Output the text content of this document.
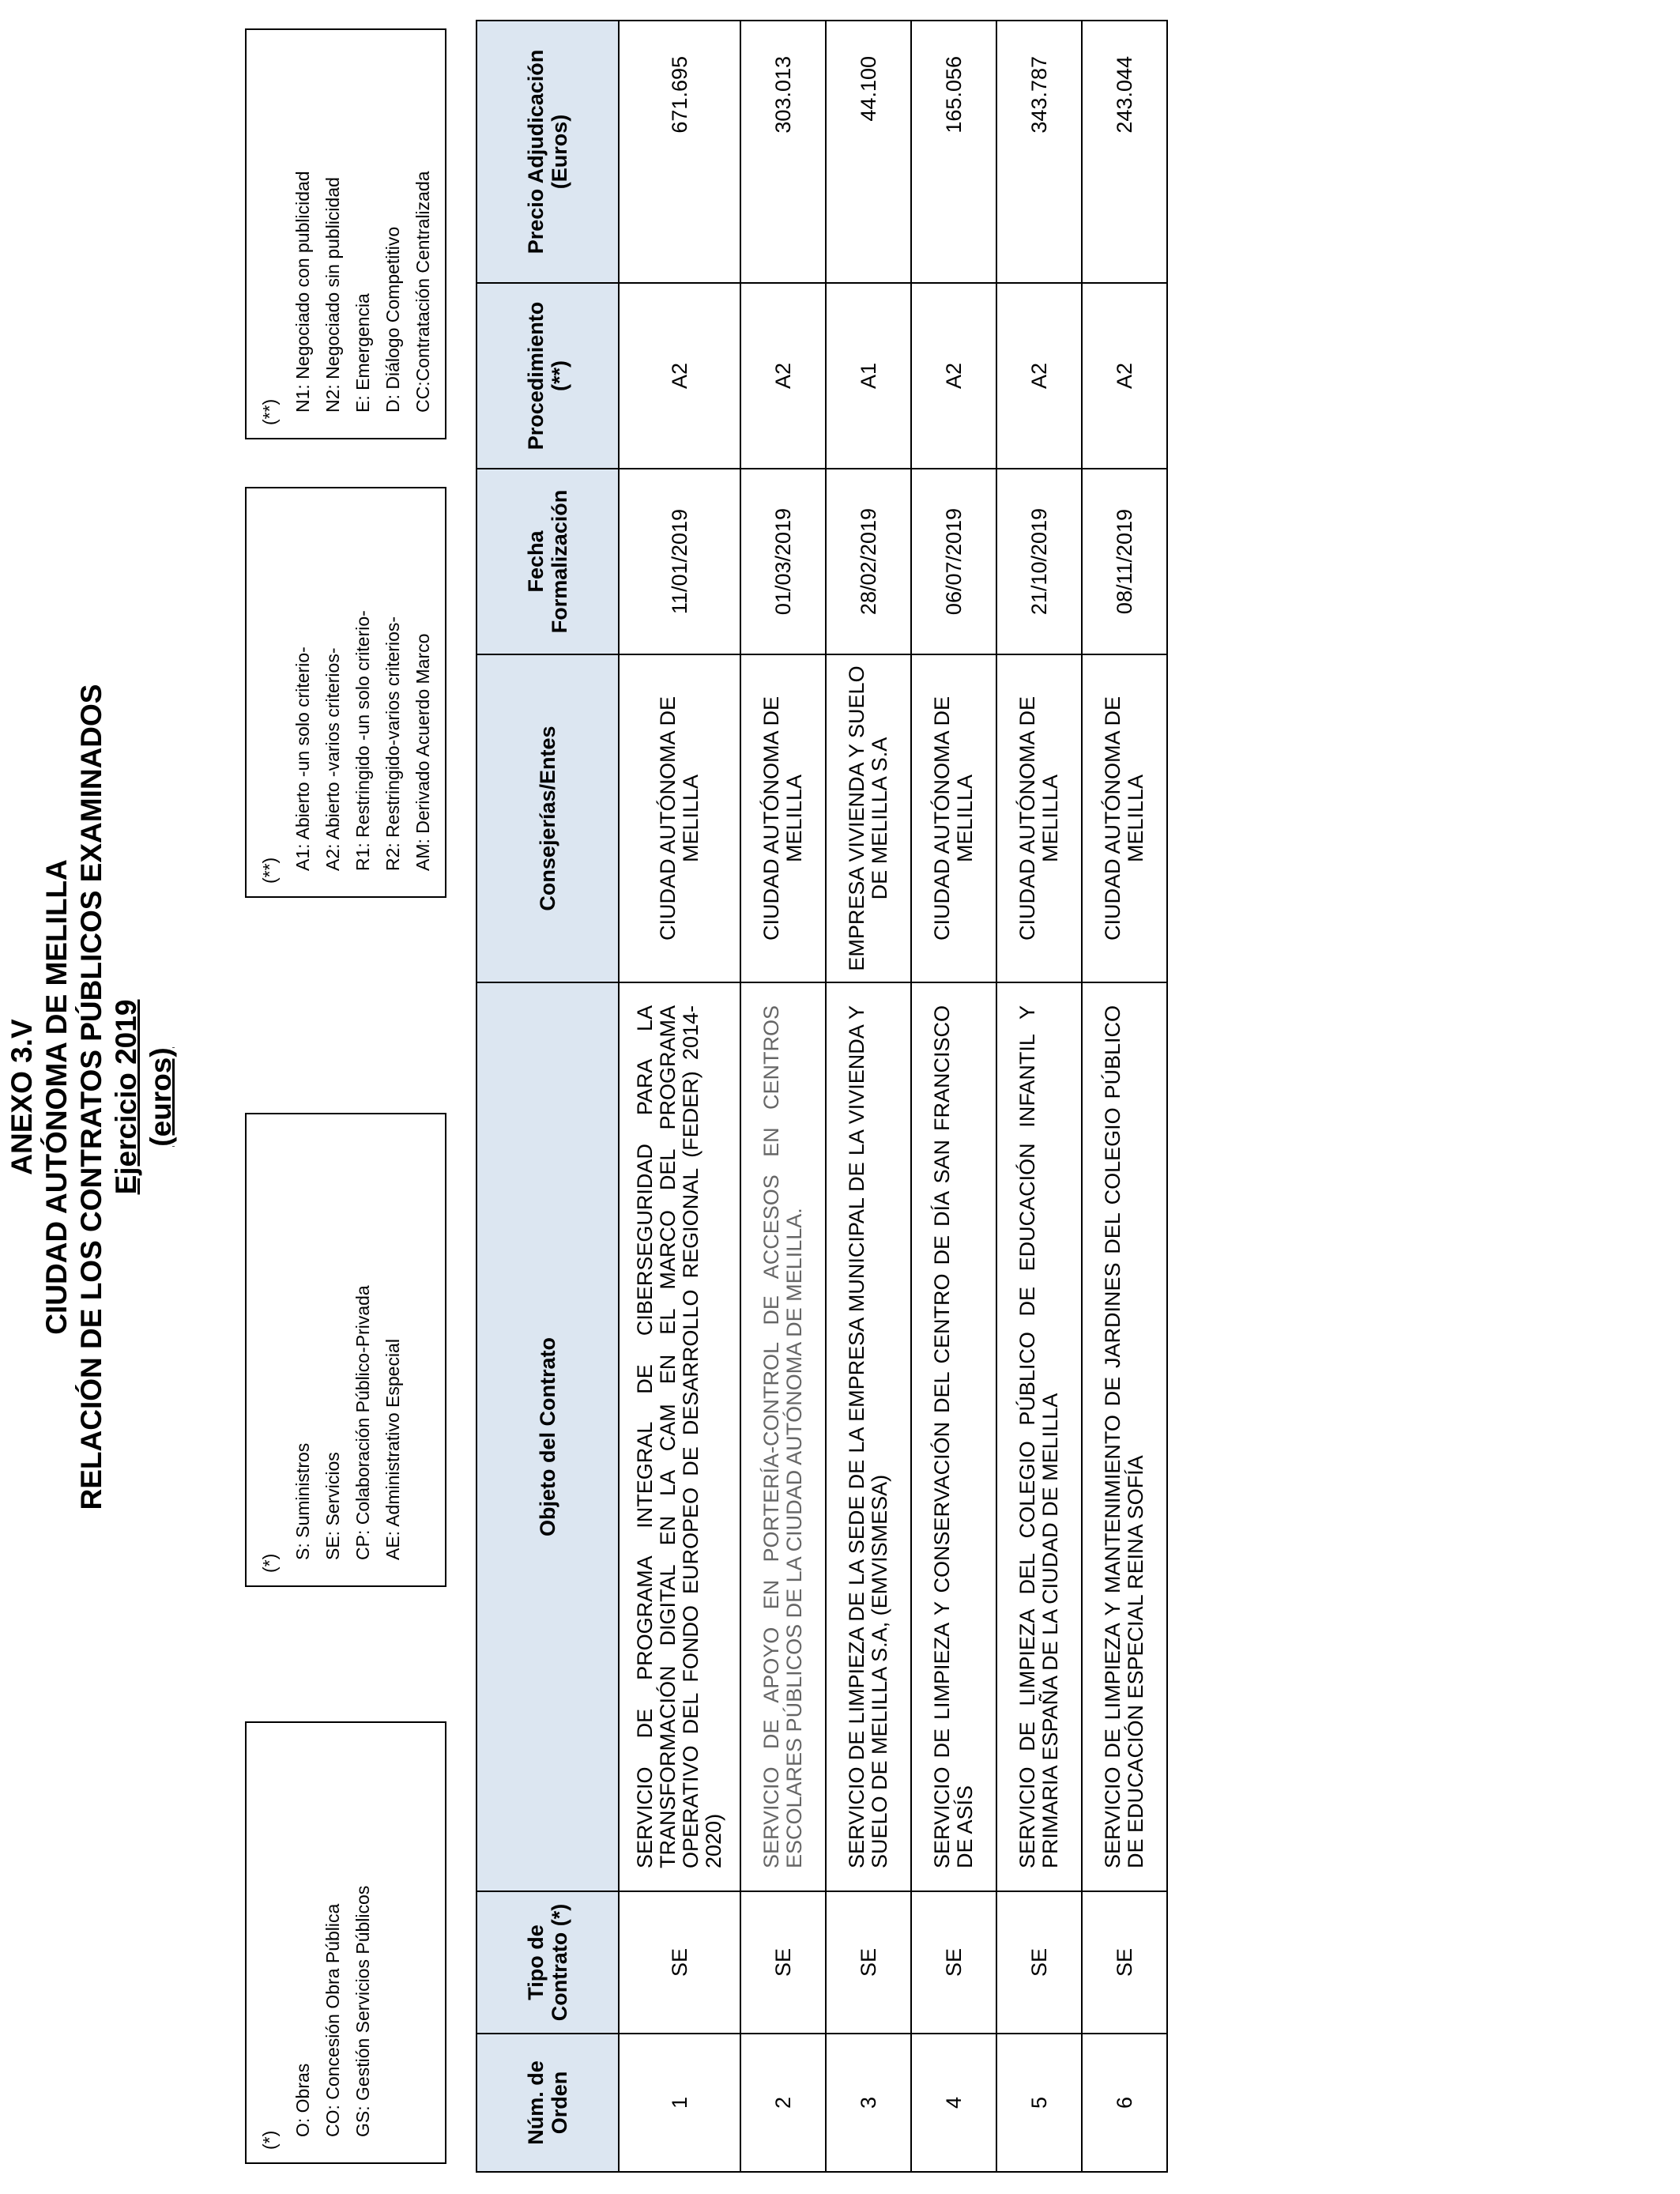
ANEXO 3.V CIUDAD AUTÓNOMA DE MELILLA RELACIÓN DE LOS CONTRATOS PÚBLICOS EXAMINADOS Ejercicio 2019 (euros)
(*)
O: Obras CO: Concesión Obra Pública GS: Gestión Servicios Públicos
(*)
S: Suministros SE: Servicios CP: Colaboración Público-Privada AE: Administrativo Especial
(**) A1: Abierto -un solo criterio- A2: Abierto -varios criterios- R1: Restringido -un solo criterio- R2: Restringido-varios criterios- AM: Derivado Acuerdo Marco
(**) N1: Negociado con publicidad N2: Negociado sin publicidad E: Emergencia D: Diálogo Competitivo CC:Contratación Centralizada
Núm. de Orden	Tipo de Contrato (*)	Objeto del Contrato	Consejerías/Entes	Fecha Formalización	Procedimiento (**)	Precio Adjudicación (Euros)
1	SE	SERVICIO DE PROGRAMA INTEGRAL DE CIBERSEGURIDAD PARA LA TRANSFORMACIÓN DIGITAL EN LA CAM EN EL MARCO DEL PROGRAMA OPERATIVO DEL FONDO EUROPEO DE DESARROLLO REGIONAL (FEDER) 2014-2020)	CIUDAD AUTÓNOMA DE MELILLA	11/01/2019	A2	671.695
2	SE	SERVICIO DE APOYO EN PORTERÍA-CONTROL DE ACCESOS EN CENTROS ESCOLARES PÚBLICOS DE LA CIUDAD AUTÓNOMA DE MELILLA.	CIUDAD AUTÓNOMA DE MELILLA	01/03/2019	A2	303.013
3	SE	SERVICIO DE LIMPIEZA DE LA SEDE DE LA EMPRESA MUNICIPAL DE LA VIVIENDA Y SUELO DE MELILLA S.A, (EMVISMESA)	EMPRESA VIVIENDA Y SUELO DE MELILLA S.A	28/02/2019	A1	44.100
4	SE	SERVICIO DE LIMPIEZA Y CONSERVACIÓN DEL CENTRO DE DÍA SAN FRANCISCO DE ASÍS	CIUDAD AUTÓNOMA DE MELILLA	06/07/2019	A2	165.056
5	SE	SERVICIO DE LIMPIEZA DEL COLEGIO PÚBLICO DE EDUCACIÓN INFANTIL Y PRIMARIA ESPAÑA DE LA CIUDAD DE MELILLA	CIUDAD AUTÓNOMA DE MELILLA	21/10/2019	A2	343.787
6	SE	SERVICIO DE LIMPIEZA Y MANTENIMIENTO DE JARDINES DEL COLEGIO PÚBLICO DE EDUCACIÓN ESPECIAL REINA SOFÍA	CIUDAD AUTÓNOMA DE MELILLA	08/11/2019	A2	243.044
